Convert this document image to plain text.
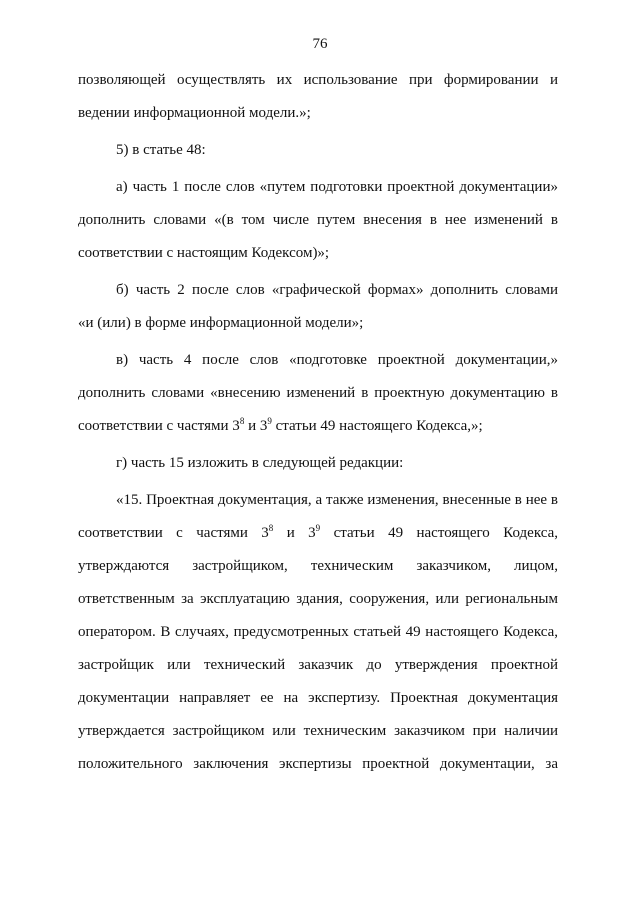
76
позволяющей осуществлять их использование при формировании и
ведении информационной модели.»;
5) в статье 48:
а) часть 1 после слов «путем подготовки проектной документации»
дополнить словами «(в том числе путем внесения в нее изменений в
соответствии с настоящим Кодексом)»;
б) часть 2 после слов «графической формах» дополнить словами
«и (или) в форме информационной модели»;
в) часть 4 после слов «подготовке проектной документации,»
дополнить словами «внесению изменений в проектную документацию в
соответствии с частями $3^8$ и $3^9$ статьи 49 настоящего Кодекса,»;
г) часть 15 изложить в следующей редакции:
«15. Проектная документация, а также изменения, внесенные в нее в
соответствии с частями $3^8$ и $3^9$ статьи 49 настоящего Кодекса,
утверждаются застройщиком, техническим заказчиком, лицом,
ответственным за эксплуатацию здания, сооружения, или региональным
оператором. В случаях, предусмотренных статьей 49 настоящего Кодекса,
застройщик или технический заказчик до утверждения проектной
документации направляет ее на экспертизу. Проектная документация
утверждается застройщиком или техническим заказчиком при наличии
положительного заключения экспертизы проектной документации, за
